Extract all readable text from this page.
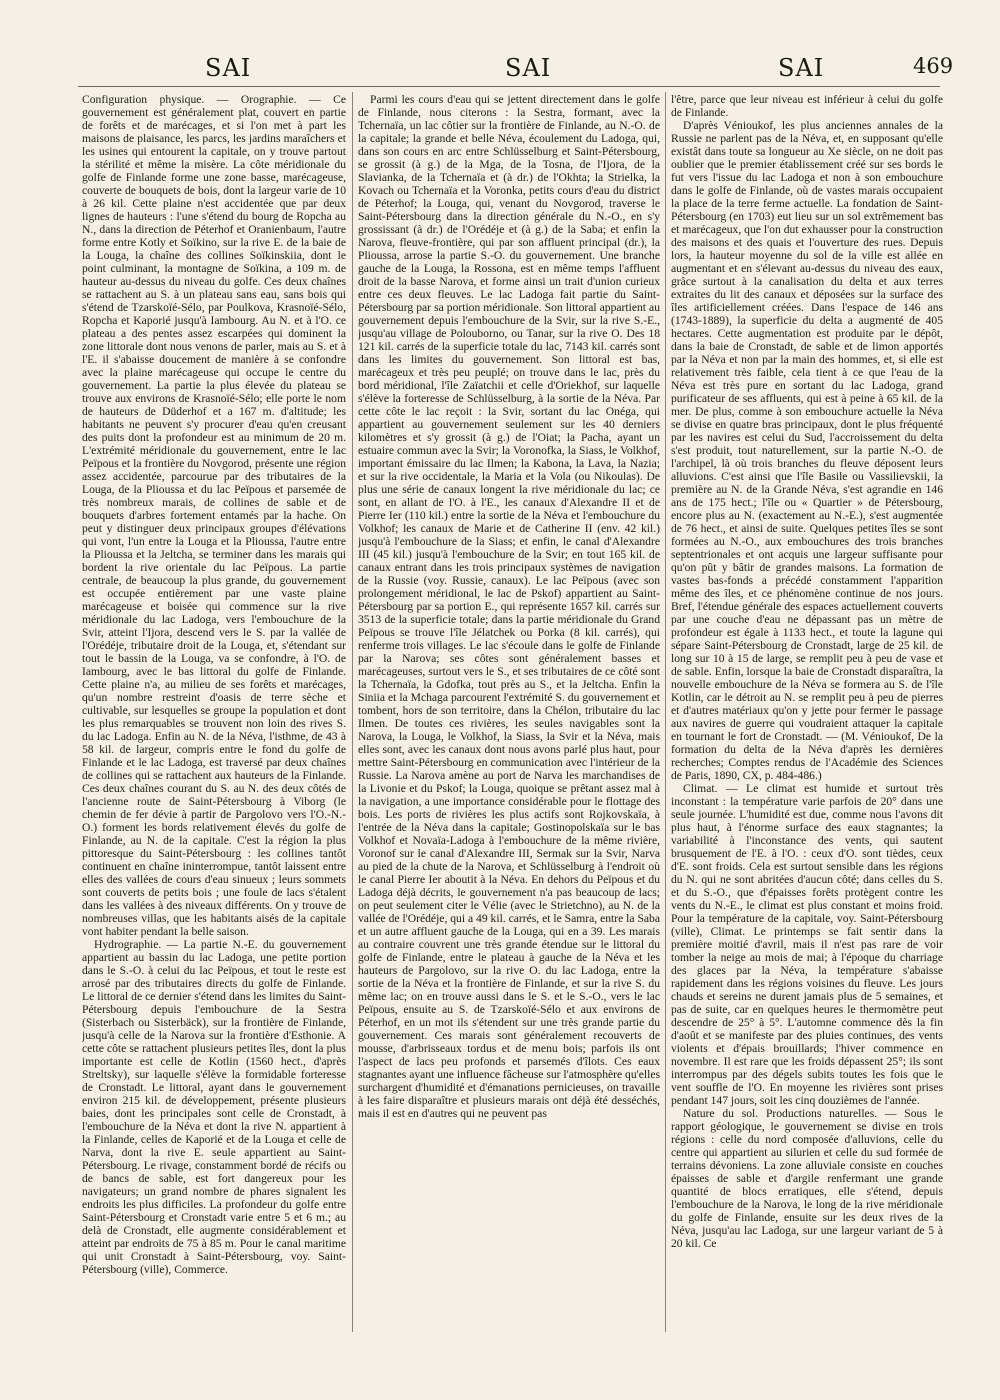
SAI	SAI	SAI	469

Configuration physique. — Orographie. — Ce gouvernement est généralement plat, couvert en partie de forêts et de marécages, et si l'on met à part les maisons de plaisance, les parcs, les jardins maraîchers et les usines qui entourent la capitale, on y trouve partout la stérilité et même la misère. La côte méridionale du golfe de Finlande forme une zone basse, marécageuse, couverte de bouquets de bois, dont la largeur varie de 10 à 26 kil. Cette plaine n'est accidentée que par deux lignes de hauteurs : l'une s'étend du bourg de Ropcha au N., dans la direction de Péterhof et Oranienbaum, l'autre forme entre Kotly et Soïkino, sur la rive E. de la baie de la Louga, la chaîne des collines Soïkinskiia, dont le point culminant, la montagne de Soïkina, a 109 m. de hauteur au-dessus du niveau du golfe. Ces deux chaînes se rattachent au S. à un plateau sans eau, sans bois qui s'étend de Tzarskoïé-Sélo, par Poulkova, Krasnoïé-Sélo, Ropcha et Kaporié jusqu'à Iambourg. Au N. et à l'O. ce plateau a des pentes assez escarpées qui dominent la zone littorale dont nous venons de parler, mais au S. et à l'E. il s'abaisse doucement de manière à se confondre avec la plaine marécageuse qui occupe le centre du gouvernement. La partie la plus élevée du plateau se trouve aux environs de Krasnoïé-Sélo; elle porte le nom de hauteurs de Düderhof et a 167 m. d'altitude; les habitants ne peuvent s'y procurer d'eau qu'en creusant des puits dont la profondeur est au minimum de 20 m. L'extrémité méridionale du gouvernement, entre le lac Peïpous et la frontière du Novgorod, présente une région assez accidentée, parcourue par des tributaires de la Louga, de la Plioussa et du lac Peïpous et parsemée de très nombreux marais, de collines de sable et de bouquets d'arbres fortement entamés par la hache. On peut y distinguer deux principaux groupes d'élévations qui vont, l'un entre la Louga et la Plioussa, l'autre entre la Plioussa et la Jeltcha, se terminer dans les marais qui bordent la rive orientale du lac Peïpous. La partie centrale, de beaucoup la plus grande, du gouvernement est occupée entièrement par une vaste plaine marécageuse et boisée qui commence sur la rive méridionale du lac Ladoga, vers l'embouchure de la Svir, atteint l'Ijora, descend vers le S. par la vallée de l'Orédéje, tributaire droit de la Louga, et, s'étendant sur tout le bassin de la Louga, va se confondre, à l'O. de Iambourg, avec le bas littoral du golfe de Finlande. Cette plaine n'a, au milieu de ses forêts et marécages, qu'un nombre restreint d'oasis de terre sèche et cultivable, sur lesquelles se groupe la population et dont les plus remarquables se trouvent non loin des rives S. du lac Ladoga. Enfin au N. de la Néva, l'isthme, de 43 à 58 kil. de largeur, compris entre le fond du golfe de Finlande et le lac Ladoga, est traversé par deux chaînes de collines qui se rattachent aux hauteurs de la Finlande. Ces deux chaînes courant du S. au N. des deux côtés de l'ancienne route de Saint-Pétersbourg à Viborg (le chemin de fer dévie à partir de Pargolovo vers l'O.-N.-O.) forment les bords relativement élevés du golfe de Finlande, au N. de la capitale. C'est la région la plus pittoresque du Saint-Pétersbourg : les collines tantôt continuent en chaîne ininterrompue, tantôt laissent entre elles des vallées de cours d'eau sinueux ; leurs sommets sont couverts de petits bois ; une foule de lacs s'étalent dans les vallées à des niveaux différents. On y trouve de nombreuses villas, que les habitants aisés de la capitale vont habiter pendant la belle saison.

Hydrographie. — La partie N.-E. du gouvernement appartient au bassin du lac Ladoga, une petite portion dans le S.-O. à celui du lac Peïpous, et tout le reste est arrosé par des tributaires directs du golfe de Finlande. Le littoral de ce dernier s'étend dans les limites du Saint-Pétersbourg depuis l'embouchure de la Sestra (Sisterbach ou Sisterbäck), sur la frontière de Finlande, jusqu'à celle de la Narova sur la frontière d'Esthonie. A cette côte se rattachent plusieurs petites îles, dont la plus importante est celle de Kotlin (1560 hect., d'après Streltsky), sur laquelle s'élève la formidable forteresse de Cronstadt. Le littoral, ayant dans le gouvernement environ 215 kil. de développement, présente plusieurs baies, dont les principales sont celle de Cronstadt, à l'embouchure de la Néva et dont la rive N. appartient à la Finlande, celles de Kaporié et de la Louga et celle de Narva, dont la rive E. seule appartient au Saint-Pétersbourg. Le rivage, constamment bordé de récifs ou de bancs de sable, est fort dangereux pour les navigateurs; un grand nombre de phares signalent les endroits les plus difficiles. La profondeur du golfe entre Saint-Pétersbourg et Cronstadt varie entre 5 et 6 m.; au delà de Cronstadt, elle augmente considérablement et atteint par endroits de 75 à 85 m. Pour le canal maritime qui unit Cronstadt à Saint-Pétersbourg, voy. Saint-Pétersbourg (ville), Commerce.

Parmi les cours d'eau qui se jettent directement dans le golfe de Finlande, nous citerons : la Sestra, formant, avec la Tchernaïa, un lac côtier sur la frontière de Finlande, au N.-O. de la capitale; la grande et belle Néva, écoulement du Ladoga, qui, dans son cours en arc entre Schlüsselburg et Saint-Pétersbourg, se grossit (à g.) de la Mga, de la Tosna, de l'Ijora, de la Slavianka, de la Tchernaïa et (à dr.) de l'Okhta; la Strielka, la Kovach ou Tchernaïa et la Voronka, petits cours d'eau du district de Péterhof; la Louga, qui, venant du Novgorod, traverse le Saint-Pétersbourg dans la direction générale du N.-O., en s'y grossissant (à dr.) de l'Orédéje et (à g.) de la Saba; et enfin la Narova, fleuve-frontière, qui par son affluent principal (dr.), la Plioussa, arrose la partie S.-O. du gouvernement. Une branche gauche de la Louga, la Rossona, est en même temps l'affluent droit de la basse Narova, et forme ainsi un trait d'union curieux entre ces deux fleuves. Le lac Ladoga fait partie du Saint-Pétersbourg par sa portion méridionale. Son littoral appartient au gouvernement depuis l'embouchure de la Svir, sur la rive S.-E., jusqu'au village de Polouborno, ou Tanar, sur la rive O. Des 18 121 kil. carrés de la superficie totale du lac, 7143 kil. carrés sont dans les limites du gouvernement. Son littoral est bas, marécageux et très peu peuplé; on trouve dans le lac, près du bord méridional, l'île Zaïatchii et celle d'Oriekhof, sur laquelle s'élève la forteresse de Schlüsselburg, à la sortie de la Néva. Par cette côte le lac reçoit : la Svir, sortant du lac Onéga, qui appartient au gouvernement seulement sur les 40 derniers kilomètres et s'y grossit (à g.) de l'Oiat; la Pacha, ayant un estuaire commun avec la Svir; la Voronofka, la Siass, le Volkhof, important émissaire du lac Ilmen; la Kabona, la Lava, la Nazia; et sur la rive occidentale, la Maria et la Vola (ou Nikoulas). De plus une série de canaux longent la rive méridionale du lac; ce sont, en allant de l'O. à l'E., les canaux d'Alexandre II et de Pierre Ier (110 kil.) entre la sortie de la Néva et l'embouchure du Volkhof; les canaux de Marie et de Catherine II (env. 42 kil.) jusqu'à l'embouchure de la Siass; et enfin, le canal d'Alexandre III (45 kil.) jusqu'à l'embouchure de la Svir; en tout 165 kil. de canaux entrant dans les trois principaux systèmes de navigation de la Russie (voy. Russie, canaux). Le lac Peïpous (avec son prolongement méridional, le lac de Pskof) appartient au Saint-Pétersbourg par sa portion E., qui représente 1657 kil. carrés sur 3513 de la superficie totale; dans la partie méridionale du Grand Peïpous se trouve l'île Jélatchek ou Porka (8 kil. carrés), qui renferme trois villages. Le lac s'écoule dans le golfe de Finlande par la Narova; ses côtes sont généralement basses et marécageuses, surtout vers le S., et ses tributaires de ce côté sont la Tchernaïa, la Gdofka, tout près au S., et la Jeltcha. Enfin la Siniia et la Mchaga parcourent l'extrémité S. du gouvernement et tombent, hors de son territoire, dans la Chélon, tributaire du lac Ilmen. De toutes ces rivières, les seules navigables sont la Narova, la Louga, le Volkhof, la Siass, la Svir et la Néva, mais elles sont, avec les canaux dont nous avons parlé plus haut, pour mettre Saint-Pétersbourg en communication avec l'intérieur de la Russie. La Narova amène au port de Narva les marchandises de la Livonie et du Pskof; la Louga, quoique se prêtant assez mal à la navigation, a une importance considérable pour le flottage des bois. Les ports de rivières les plus actifs sont Rojkovskaïa, à l'entrée de la Néva dans la capitale; Gostinopolskaïa sur le bas Volkhof et Novaïa-Ladoga à l'embouchure de la même rivière, Voronof sur le canal d'Alexandre III, Sermak sur la Svir, Narva au pied de la chute de la Narova, et Schlüsselburg à l'endroit où le canal Pierre Ier aboutit à la Néva. En dehors du Peïpous et du Ladoga déjà décrits, le gouvernement n'a pas beaucoup de lacs; on peut seulement citer le Vélie (avec le Strietchno), au N. de la vallée de l'Orédéje, qui a 49 kil. carrés, et le Samra, entre la Saba et un autre affluent gauche de la Louga, qui en a 39. Les marais au contraire couvrent une très grande étendue sur le littoral du golfe de Finlande, entre le plateau à gauche de la Néva et les hauteurs de Pargolovo, sur la rive O. du lac Ladoga, entre la sortie de la Néva et la frontière de Finlande, et sur la rive S. du même lac; on en trouve aussi dans le S. et le S.-O., vers le lac Peïpous, ensuite au S. de Tzarskoïé-Sélo et aux environs de Péterhof, en un mot ils s'étendent sur une très grande partie du gouvernement. Ces marais sont généralement recouverts de mousse, d'arbrisseaux tordus et de menu bois; parfois ils ont l'aspect de lacs peu profonds et parsemés d'îlots. Ces eaux stagnantes ayant une influence fâcheuse sur l'atmosphère qu'elles surchargent d'humidité et d'émanations pernicieuses, on travaille à les faire disparaître et plusieurs marais ont déjà été desséchés, mais il est en d'autres qui ne peuvent pas

l'être, parce que leur niveau est inférieur à celui du golfe de Finlande.

D'après Vénioukof, les plus anciennes annales de la Russie ne parlent pas de la Néva, et, en supposant qu'elle existât dans toute sa longueur au Xe siècle, on ne doit pas oublier que le premier établissement créé sur ses bords le fut vers l'issue du lac Ladoga et non à son embouchure dans le golfe de Finlande, où de vastes marais occupaient la place de la terre ferme actuelle. La fondation de Saint-Pétersbourg (en 1703) eut lieu sur un sol extrêmement bas et marécageux, que l'on dut exhausser pour la construction des maisons et des quais et l'ouverture des rues. Depuis lors, la hauteur moyenne du sol de la ville est allée en augmentant et en s'élevant au-dessus du niveau des eaux, grâce surtout à la canalisation du delta et aux terres extraites du lit des canaux et déposées sur la surface des îles artificiellement créées. Dans l'espace de 146 ans (1743-1889), la superficie du delta a augmenté de 405 hectares. Cette augmentation est produite par le dépôt, dans la baie de Cronstadt, de sable et de limon apportés par la Néva et non par la main des hommes, et, si elle est relativement très faible, cela tient à ce que l'eau de la Néva est très pure en sortant du lac Ladoga, grand purificateur de ses affluents, qui est à peine à 65 kil. de la mer. De plus, comme à son embouchure actuelle la Néva se divise en quatre bras principaux, dont le plus fréquenté par les navires est celui du Sud, l'accroissement du delta s'est produit, tout naturellement, sur la partie N.-O. de l'archipel, là où trois branches du fleuve déposent leurs alluvions. C'est ainsi que l'île Basile ou Vassilievskii, la première au N. de la Grande Néva, s'est agrandie en 146 ans de 175 hect.; l'île ou « Quartier » de Pétersbourg, encore plus au N. (exactement au N.-E.), s'est augmentée de 76 hect., et ainsi de suite. Quelques petites îles se sont formées au N.-O., aux embouchures des trois branches septentrionales et ont acquis une largeur suffisante pour qu'on pût y bâtir de grandes maisons. La formation de vastes bas-fonds a précédé constamment l'apparition même des îles, et ce phénomène continue de nos jours. Bref, l'étendue générale des espaces actuellement couverts par une couche d'eau ne dépassant pas un mètre de profondeur est égale à 1133 hect., et toute la lagune qui sépare Saint-Pétersbourg de Cronstadt, large de 25 kil. de long sur 10 à 15 de large, se remplit peu à peu de vase et de sable. Enfin, lorsque la baie de Cronstadt disparaîtra, la nouvelle embouchure de la Néva se formera au S. de l'île Kotlin, car le détroit au N. se remplit peu à peu de pierres et d'autres matériaux qu'on y jette pour fermer le passage aux navires de guerre qui voudraient attaquer la capitale en tournant le fort de Cronstadt. — (M. Vénioukof, De la formation du delta de la Néva d'après les dernières recherches; Comptes rendus de l'Académie des Sciences de Paris, 1890, CX, p. 484-486.)

Climat. — Le climat est humide et surtout très inconstant : la température varie parfois de 20° dans une seule journée. L'humidité est due, comme nous l'avons dit plus haut, à l'énorme surface des eaux stagnantes; la variabilité à l'inconstance des vents, qui sautent brusquement de l'E. à l'O. : ceux d'O. sont tièdes, ceux d'E. sont froids. Cela est surtout sensible dans les régions du N. qui ne sont abritées d'aucun côté; dans celles du S. et du S.-O., que d'épaisses forêts protègent contre les vents du N.-E., le climat est plus constant et moins froid. Pour la température de la capitale, voy. Saint-Pétersbourg (ville), Climat. Le printemps se fait sentir dans la première moitié d'avril, mais il n'est pas rare de voir tomber la neige au mois de mai; à l'époque du charriage des glaces par la Néva, la température s'abaisse rapidement dans les régions voisines du fleuve. Les jours chauds et sereins ne durent jamais plus de 5 semaines, et pas de suite, car en quelques heures le thermomètre peut descendre de 25° à 5°. L'automne commence dès la fin d'août et se manifeste par des pluies continues, des vents violents et d'épais brouillards; l'hiver commence en novembre. Il est rare que les froids dépassent 25°; ils sont interrompus par des dégels subits toutes les fois que le vent souffle de l'O. En moyenne les rivières sont prises pendant 147 jours, soit les cinq douzièmes de l'année.

Nature du sol. Productions naturelles. — Sous le rapport géologique, le gouvernement se divise en trois régions : celle du nord composée d'alluvions, celle du centre qui appartient au silurien et celle du sud formée de terrains dévoniens. La zone alluviale consiste en couches épaisses de sable et d'argile renfermant une grande quantité de blocs erratiques, elle s'étend, depuis l'embouchure de la Narova, le long de la rive méridionale du golfe de Finlande, ensuite sur les deux rives de la Néva, jusqu'au lac Ladoga, sur une largeur variant de 5 à 20 kil. Ce
